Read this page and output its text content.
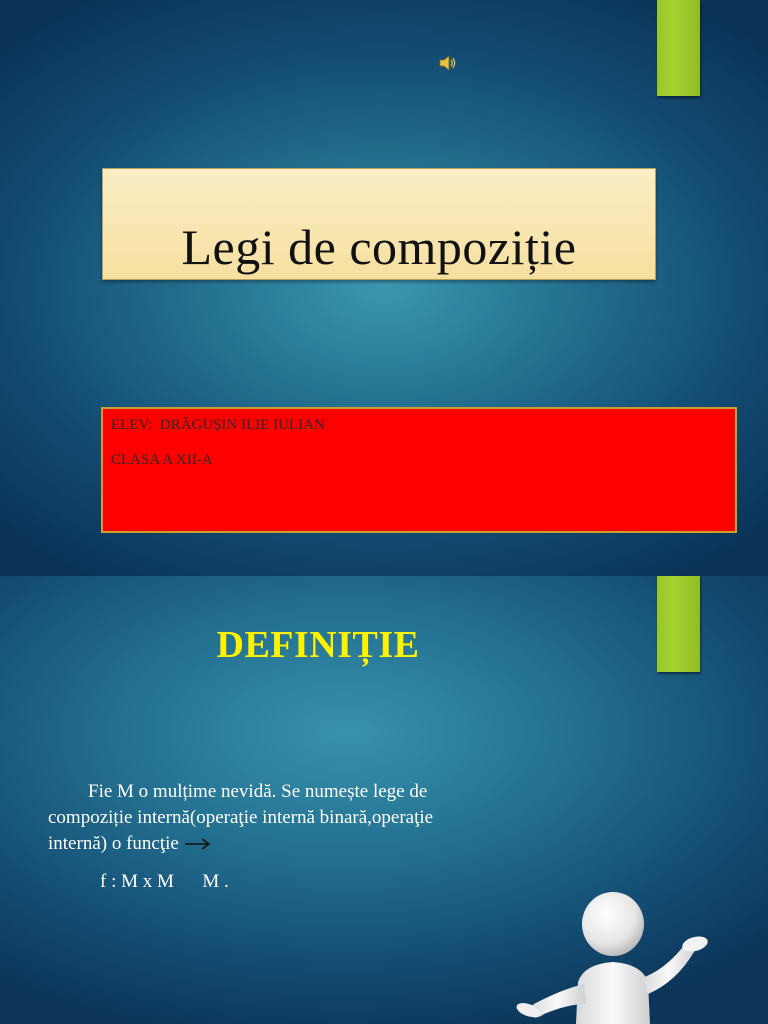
Legi de compoziție
ELEV:  DRĂGUȘIN ILIE IULIAN
CLASA A XII-A
DEFINIȚIE
Fie M o mulțime nevidă. Se numește lege de
compoziție internă(operaţie internă binară,operaţie
internă) o funcţie
f : M x M      M .
